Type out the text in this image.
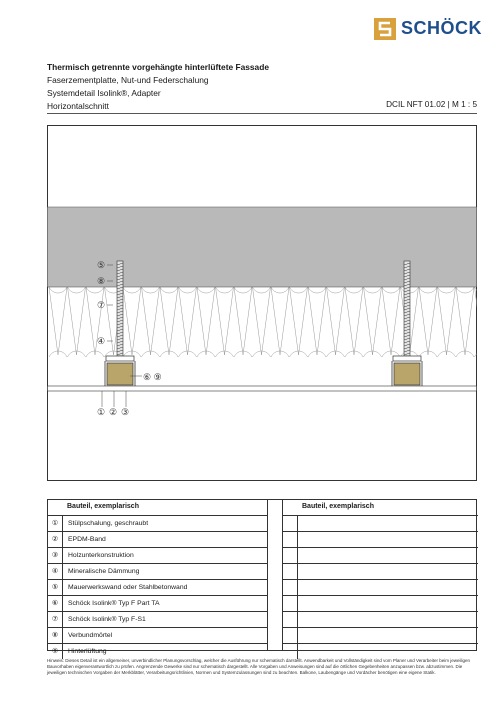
SCHÖCK
Thermisch getrennte vorgehängte hinterlüftete Fassade
Faserzementplatte, Nut-und Federschalung
Systemdetail Isolink®, Adapter
Horizontalschnitt	DCIL NFT 01.02 | M 1 : 5
⑤
⑧
⑦
④
⑥ ⑨
① ② ③
Bauteil, exemplarisch
①	Stülpschalung, geschraubt
②	EPDM-Band
③	Holzunterkonstruktion
④	Mineralische Dämmung
⑤	Mauerwerkswand oder Stahlbetonwand
⑥	Schöck Isolink® Typ F Part TA
⑦	Schöck Isolink® Typ F-S1
⑧	Verbundmörtel
⑨	Hinterlüftung
Bauteil, exemplarisch
Hinweis: Dieses Detail ist ein allgemeiner, unverbindlicher Planungsvorschlag, welcher die Ausführung nur schematisch darstellt. Anwendbarkeit und Vollständigkeit sind vom Planer und Verarbeiter beim jeweiligen Bauvorhaben eigenverantwortlich zu prüfen. Angrenzende Gewerke sind nur schematisch dargestellt. Alle Vorgaben und Anweisungen sind auf die örtlichen Gegebenheiten anzupassen bzw. abzustimmen. Die jeweiligen technischen Vorgaben der Merkblätter, Verarbeitungsrichtlinien, Normen und Systemzulassungen sind zu beachten. Balkone, Laubengänge und Vordächer benötigen eine eigene Statik.
